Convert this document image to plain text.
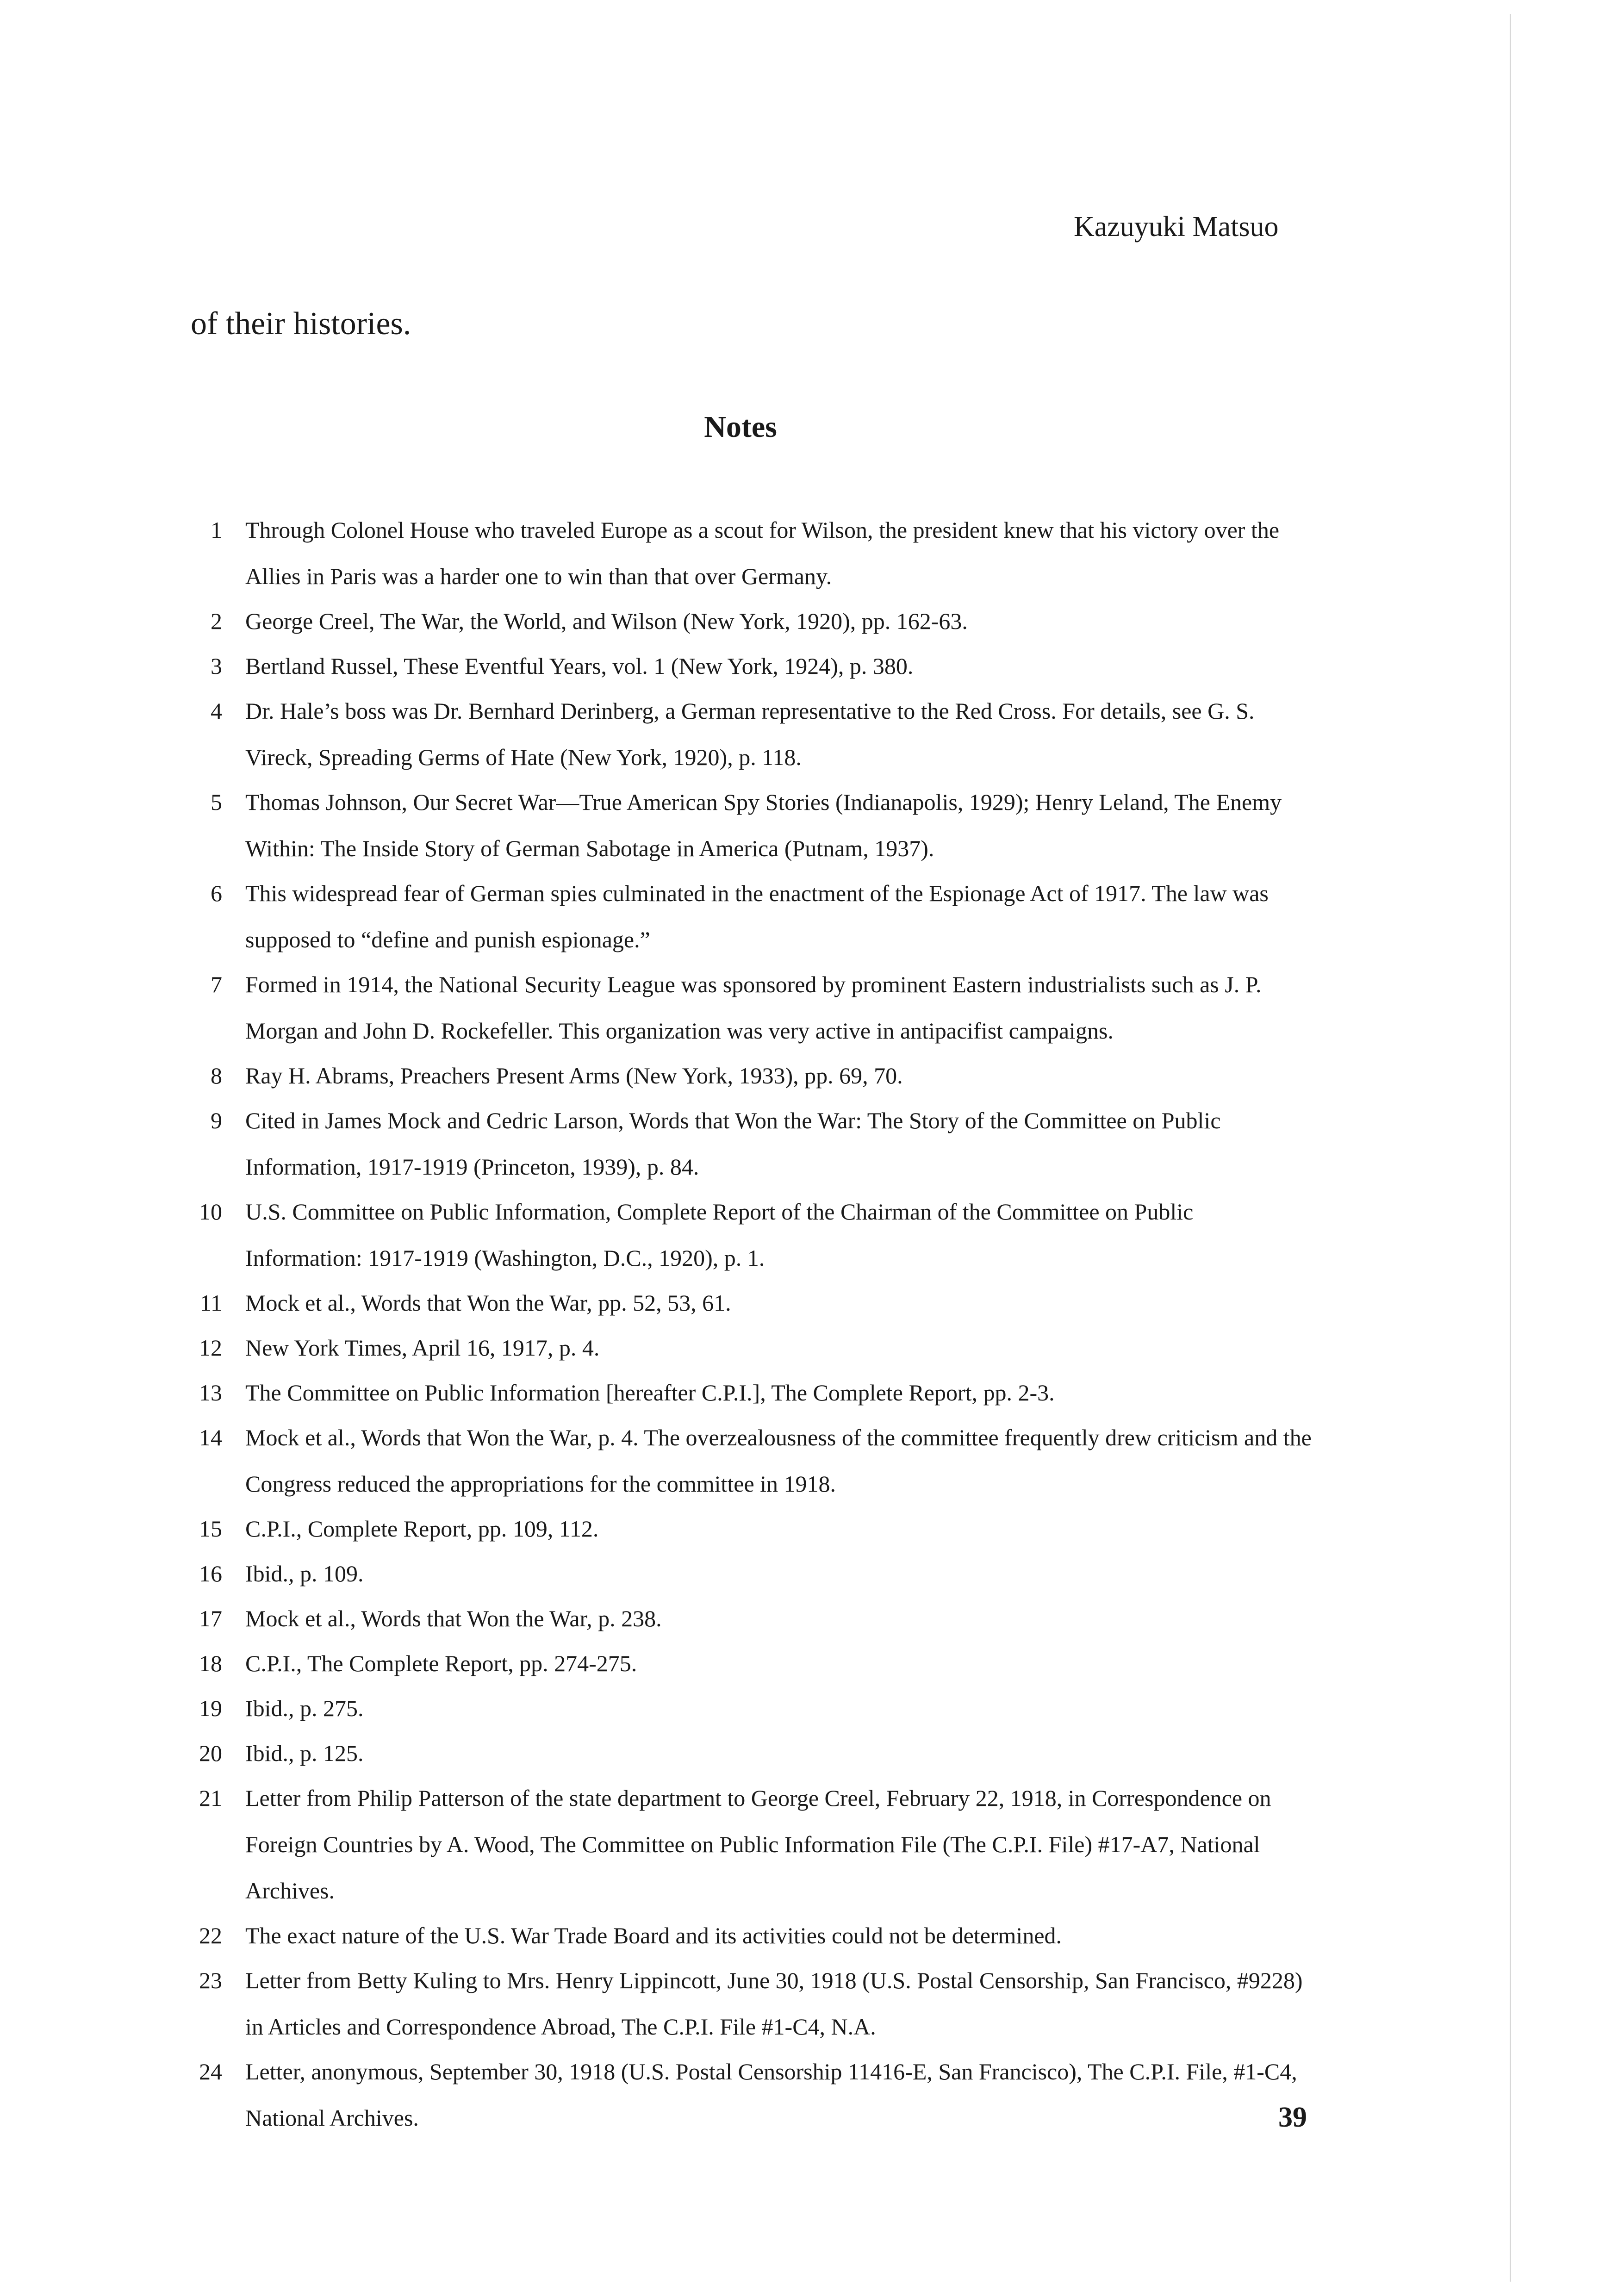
Kazuyuki Matsuo
of their histories.
Notes
1 Through Colonel House who traveled Europe as a scout for Wilson, the president knew that his victory over the Allies in Paris was a harder one to win than that over Germany.
2 George Creel, The War, the World, and Wilson (New York, 1920), pp. 162-63.
3 Bertland Russel, These Eventful Years, vol. 1 (New York, 1924), p. 380.
4 Dr. Hale’s boss was Dr. Bernhard Derinberg, a German representative to the Red Cross. For details, see G. S. Vireck, Spreading Germs of Hate (New York, 1920), p. 118.
5 Thomas Johnson, Our Secret War—True American Spy Stories (Indianapolis, 1929); Henry Leland, The Enemy Within: The Inside Story of German Sabotage in America (Putnam, 1937).
6 This widespread fear of German spies culminated in the enactment of the Espionage Act of 1917. The law was supposed to “define and punish espionage.”
7 Formed in 1914, the National Security League was sponsored by prominent Eastern industrialists such as J. P. Morgan and John D. Rockefeller. This organization was very active in antipacifist campaigns.
8 Ray H. Abrams, Preachers Present Arms (New York, 1933), pp. 69, 70.
9 Cited in James Mock and Cedric Larson, Words that Won the War: The Story of the Committee on Public Information, 1917-1919 (Princeton, 1939), p. 84.
10 U.S. Committee on Public Information, Complete Report of the Chairman of the Committee on Public Information: 1917-1919 (Washington, D.C., 1920), p. 1.
11 Mock et al., Words that Won the War, pp. 52, 53, 61.
12 New York Times, April 16, 1917, p. 4.
13 The Committee on Public Information [hereafter C.P.I.], The Complete Report, pp. 2-3.
14 Mock et al., Words that Won the War, p. 4. The overzealousness of the committee frequently drew criticism and the Congress reduced the appropriations for the committee in 1918.
15 C.P.I., Complete Report, pp. 109, 112.
16 Ibid., p. 109.
17 Mock et al., Words that Won the War, p. 238.
18 C.P.I., The Complete Report, pp. 274-275.
19 Ibid., p. 275.
20 Ibid., p. 125.
21 Letter from Philip Patterson of the state department to George Creel, February 22, 1918, in Correspondence on Foreign Countries by A. Wood, The Committee on Public Information File (The C.P.I. File) #17-A7, National Archives.
22 The exact nature of the U.S. War Trade Board and its activities could not be determined.
23 Letter from Betty Kuling to Mrs. Henry Lippincott, June 30, 1918 (U.S. Postal Censorship, San Francisco, #9228) in Articles and Correspondence Abroad, The C.P.I. File #1-C4, N.A.
24 Letter, anonymous, September 30, 1918 (U.S. Postal Censorship 11416-E, San Francisco), The C.P.I. File, #1-C4, National Archives.	39
